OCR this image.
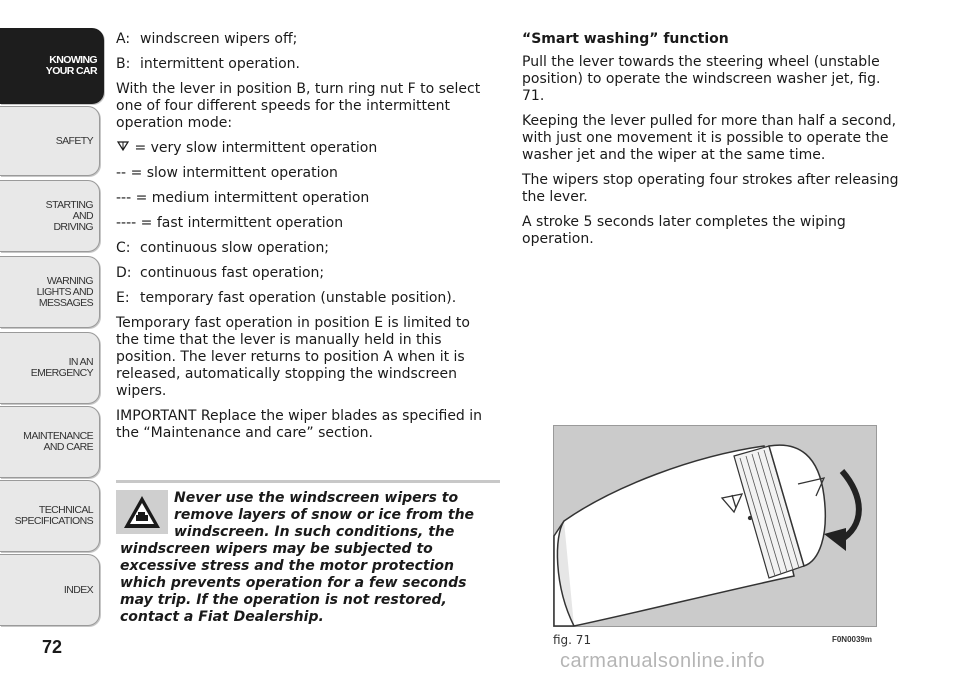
KNOWING
YOUR CAR
SAFETY
STARTING
AND
DRIVING
WARNING
LIGHTS AND
MESSAGES
IN AN
EMERGENCY
MAINTENANCE
AND CARE
TECHNICAL
SPECIFICATIONS
INDEX
72

A: windscreen wipers off;

B: intermittent operation.

With the lever in position B, turn ring nut F to select one of four different speeds for the intermittent operation mode:

= very slow intermittent operation

-- = slow intermittent operation

--- = medium intermittent operation

---- = fast intermittent operation

C: continuous slow operation;

D: continuous fast operation;

E: temporary fast operation (unstable position).

Temporary fast operation in position E is limited to the time that the lever is manually held in this position. The lever returns to position A when it is released, automatically stopping the windscreen wipers.

IMPORTANT Replace the wiper blades as specified in the “Maintenance and care” section.

Never use the windscreen wipers to remove layers of snow or ice from the windscreen. In such conditions, the windscreen wipers may be subjected to excessive stress and the motor protection which prevents operation for a few seconds may trip. If the operation is not restored, contact a Fiat Dealership.

“Smart washing” function

Pull the lever towards the steering wheel (unstable position) to operate the windscreen washer jet, fig. 71.

Keeping the lever pulled for more than half a second, with just one movement it is possible to operate the washer jet and the wiper at the same time.

The wipers stop operating four strokes after releasing the lever.

A stroke 5 seconds later completes the wiping operation.

F0N0039m
fig. 71
carmanualsonline.info
